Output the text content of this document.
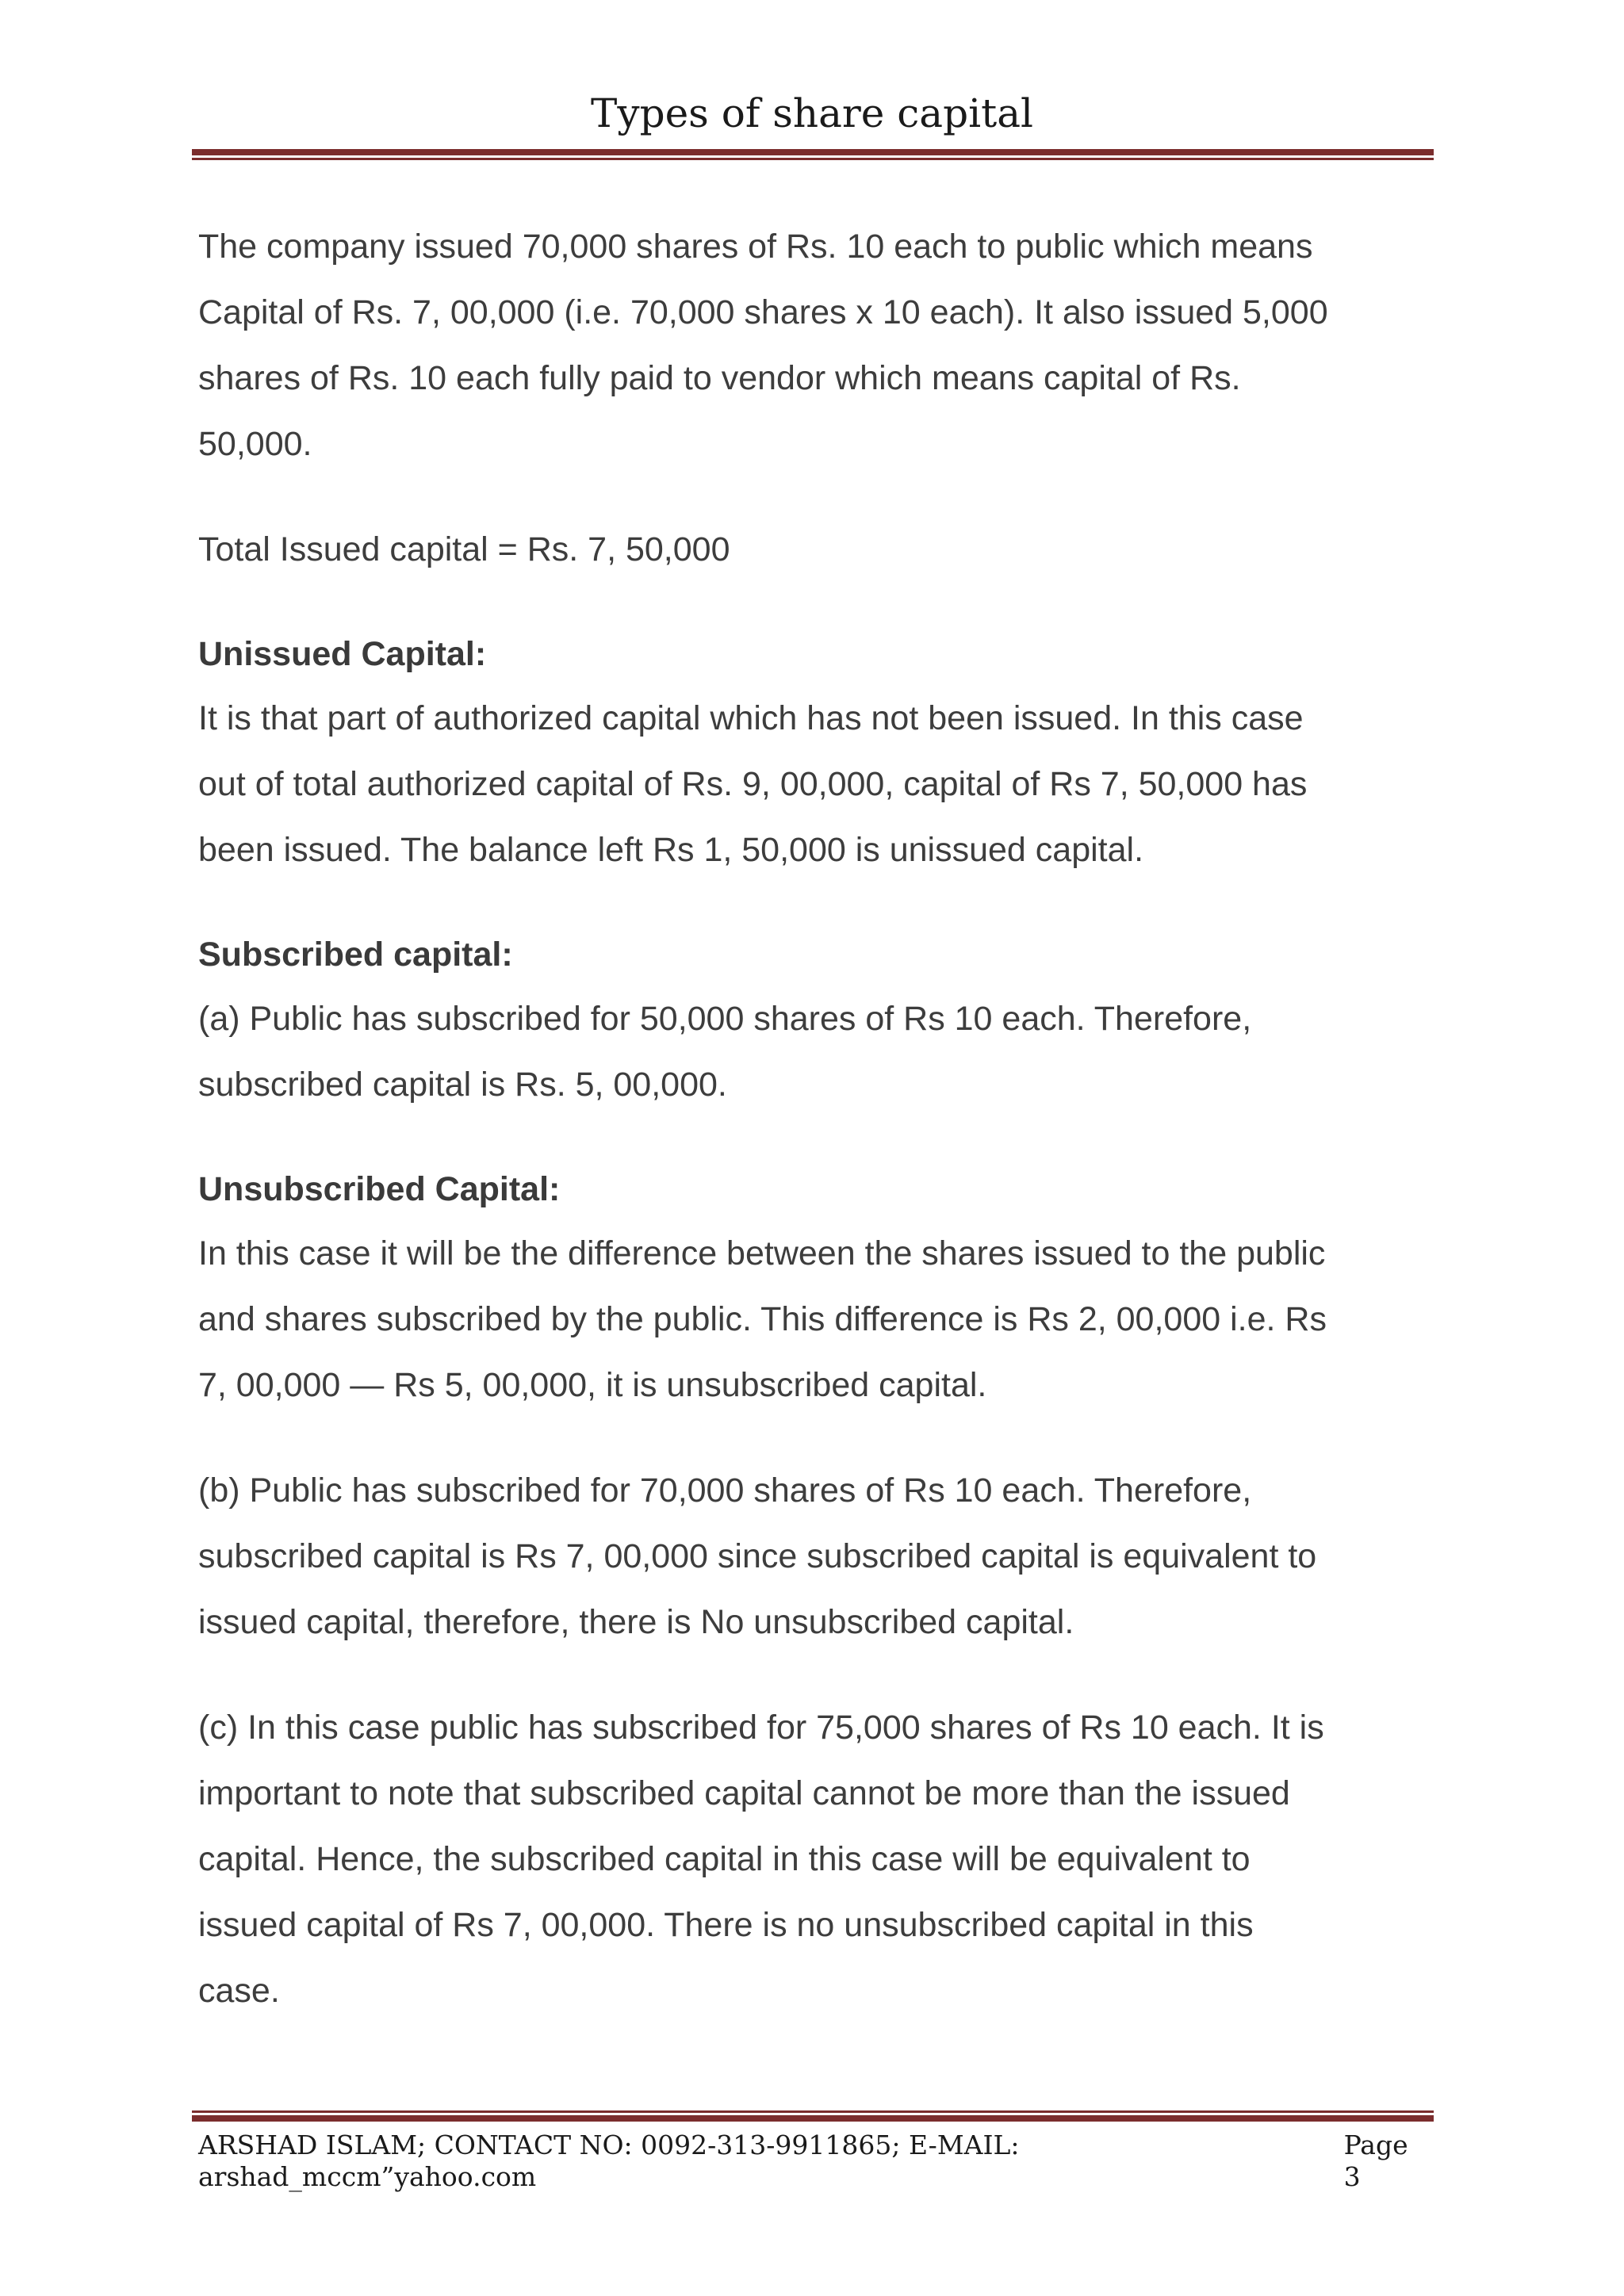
Types of share capital

The company issued 70,000 shares of Rs. 10 each to public which means
Capital of Rs. 7, 00,000 (i.e. 70,000 shares x 10 each). It also issued 5,000
shares of Rs. 10 each fully paid to vendor which means capital of Rs.
50,000.

Total Issued capital = Rs. 7, 50,000

Unissued Capital:

It is that part of authorized capital which has not been issued. In this case
out of total authorized capital of Rs. 9, 00,000, capital of Rs 7, 50,000 has
been issued. The balance left Rs 1, 50,000 is unissued capital.

Subscribed capital:

(a) Public has subscribed for 50,000 shares of Rs 10 each. Therefore,
subscribed capital is Rs. 5, 00,000.

Unsubscribed Capital:

In this case it will be the difference between the shares issued to the public
and shares subscribed by the public. This difference is Rs 2, 00,000 i.e. Rs
7, 00,000 — Rs 5, 00,000, it is unsubscribed capital.

(b) Public has subscribed for 70,000 shares of Rs 10 each. Therefore,
subscribed capital is Rs 7, 00,000 since subscribed capital is equivalent to
issued capital, therefore, there is No unsubscribed capital.

(c) In this case public has subscribed for 75,000 shares of Rs 10 each. It is
important to note that subscribed capital cannot be more than the issued
capital. Hence, the subscribed capital in this case will be equivalent to
issued capital of Rs 7, 00,000. There is no unsubscribed capital in this
case.

ARSHAD ISLAM; CONTACT NO: 0092-313-9911865; E-MAIL: arshad_mccm”yahoo.com
Page 3
